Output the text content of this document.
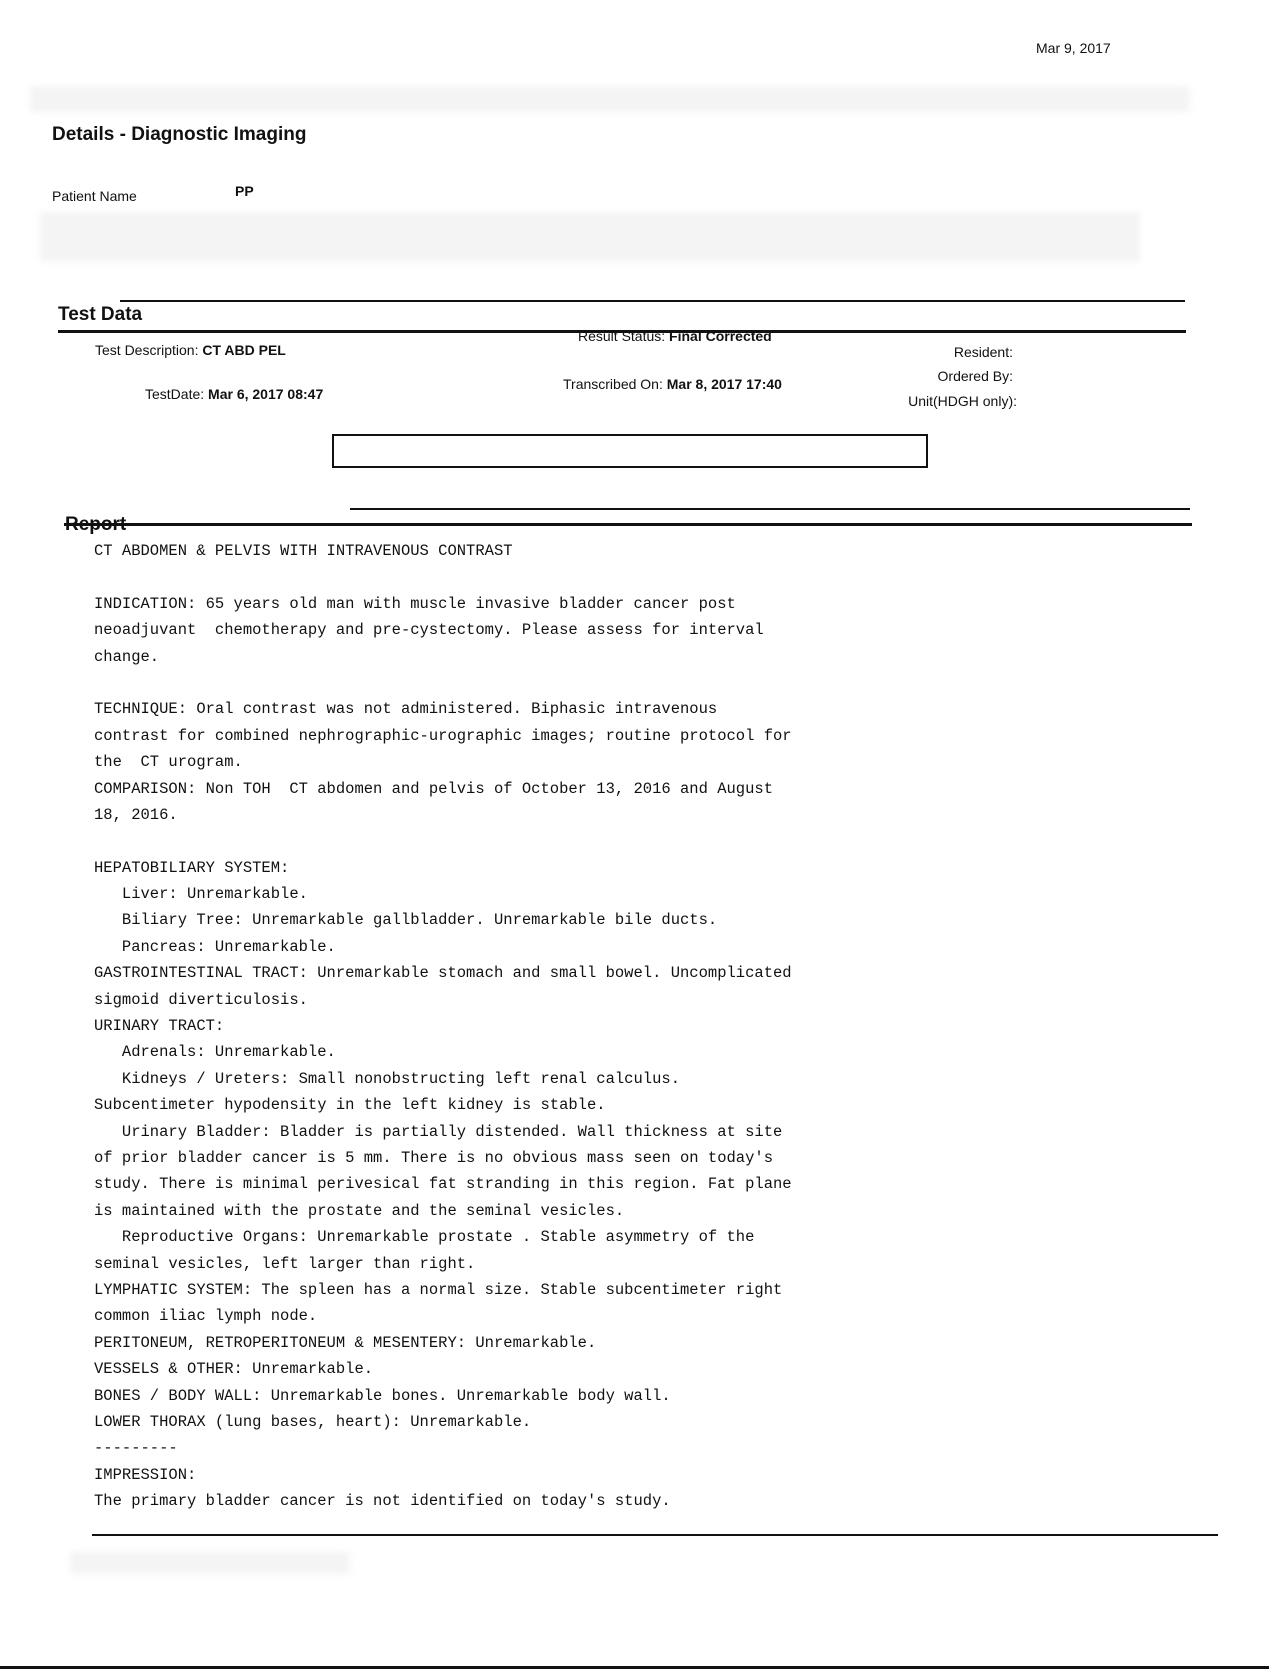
Mar 9, 2017
Details - Diagnostic Imaging
Patient Name	PP
Test Data
Test Description: CT ABD PEL
TestDate: Mar 6, 2017 08:47
Result Status: Final Corrected
Transcribed On: Mar 8, 2017 17:40
Resident:
Ordered By:
Unit(HDGH only):
Report
CT ABDOMEN & PELVIS WITH INTRAVENOUS CONTRAST
INDICATION: 65 years old man with muscle invasive bladder cancer post
neoadjuvant  chemotherapy and pre-cystectomy. Please assess for interval
change.
TECHNIQUE: Oral contrast was not administered. Biphasic intravenous
contrast for combined nephrographic-urographic images; routine protocol for
the  CT urogram.
COMPARISON: Non TOH  CT abdomen and pelvis of October 13, 2016 and August
18, 2016.
HEPATOBILIARY SYSTEM:
Liver: Unremarkable.
Biliary Tree: Unremarkable gallbladder. Unremarkable bile ducts.
Pancreas: Unremarkable.
GASTROINTESTINAL TRACT: Unremarkable stomach and small bowel. Uncomplicated
sigmoid diverticulosis.
URINARY TRACT:
Adrenals: Unremarkable.
Kidneys / Ureters: Small nonobstructing left renal calculus.
Subcentimeter hypodensity in the left kidney is stable.
Urinary Bladder: Bladder is partially distended. Wall thickness at site
of prior bladder cancer is 5 mm. There is no obvious mass seen on today's
study. There is minimal perivesical fat stranding in this region. Fat plane
is maintained with the prostate and the seminal vesicles.
Reproductive Organs: Unremarkable prostate . Stable asymmetry of the
seminal vesicles, left larger than right.
LYMPHATIC SYSTEM: The spleen has a normal size. Stable subcentimeter right
common iliac lymph node.
PERITONEUM, RETROPERITONEUM & MESENTERY: Unremarkable.
VESSELS & OTHER: Unremarkable.
BONES / BODY WALL: Unremarkable bones. Unremarkable body wall.
LOWER THORAX (lung bases, heart): Unremarkable.
---------
IMPRESSION:
The primary bladder cancer is not identified on today's study.
